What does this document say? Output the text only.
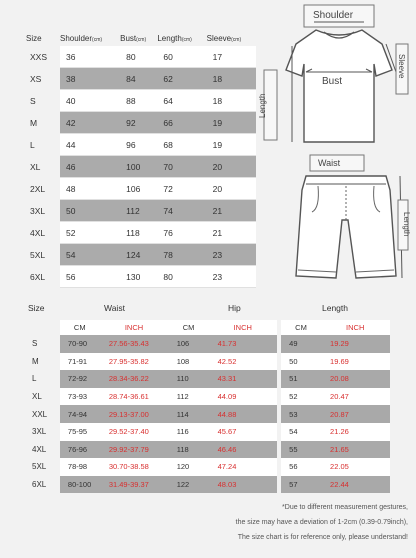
Size	Shoulder(cm)	Bust(cm)	Length(cm)	Sleeve(cm)
XXS	36	80	60	17
XS	38	84	62	18
S	40	88	64	18
M	42	92	66	19
L	44	96	68	19
XL	46	100	70	20
2XL	48	106	72	20
3XL	50	112	74	21
4XL	52	118	76	21
5XL	54	124	78	23
6XL	56	130	80	23
Shoulder
Bust
Length
Sleeve
Waist
Length
Size	Waist	Hip	Length
	CM	INCH	CM	INCH		CM	INCH
S	70-90	27.56-35.43	106	41.73		49	19.29
M	71-91	27.95-35.82	108	42.52		50	19.69
L	72-92	28.34-36.22	110	43.31		51	20.08
XL	73-93	28.74-36.61	112	44.09		52	20.47
XXL	74-94	29.13-37.00	114	44.88		53	20.87
3XL	75-95	29.52-37.40	116	45.67		54	21.26
4XL	76-96	29.92-37.79	118	46.46		55	21.65
5XL	78-98	30.70-38.58	120	47.24		56	22.05
6XL	80-100	31.49-39.37	122	48.03		57	22.44
*Due to different measurement gestures,
the size may have a deviation of 1-2cm (0.39-0.79inch),
The size chart is for reference only, please understand!
